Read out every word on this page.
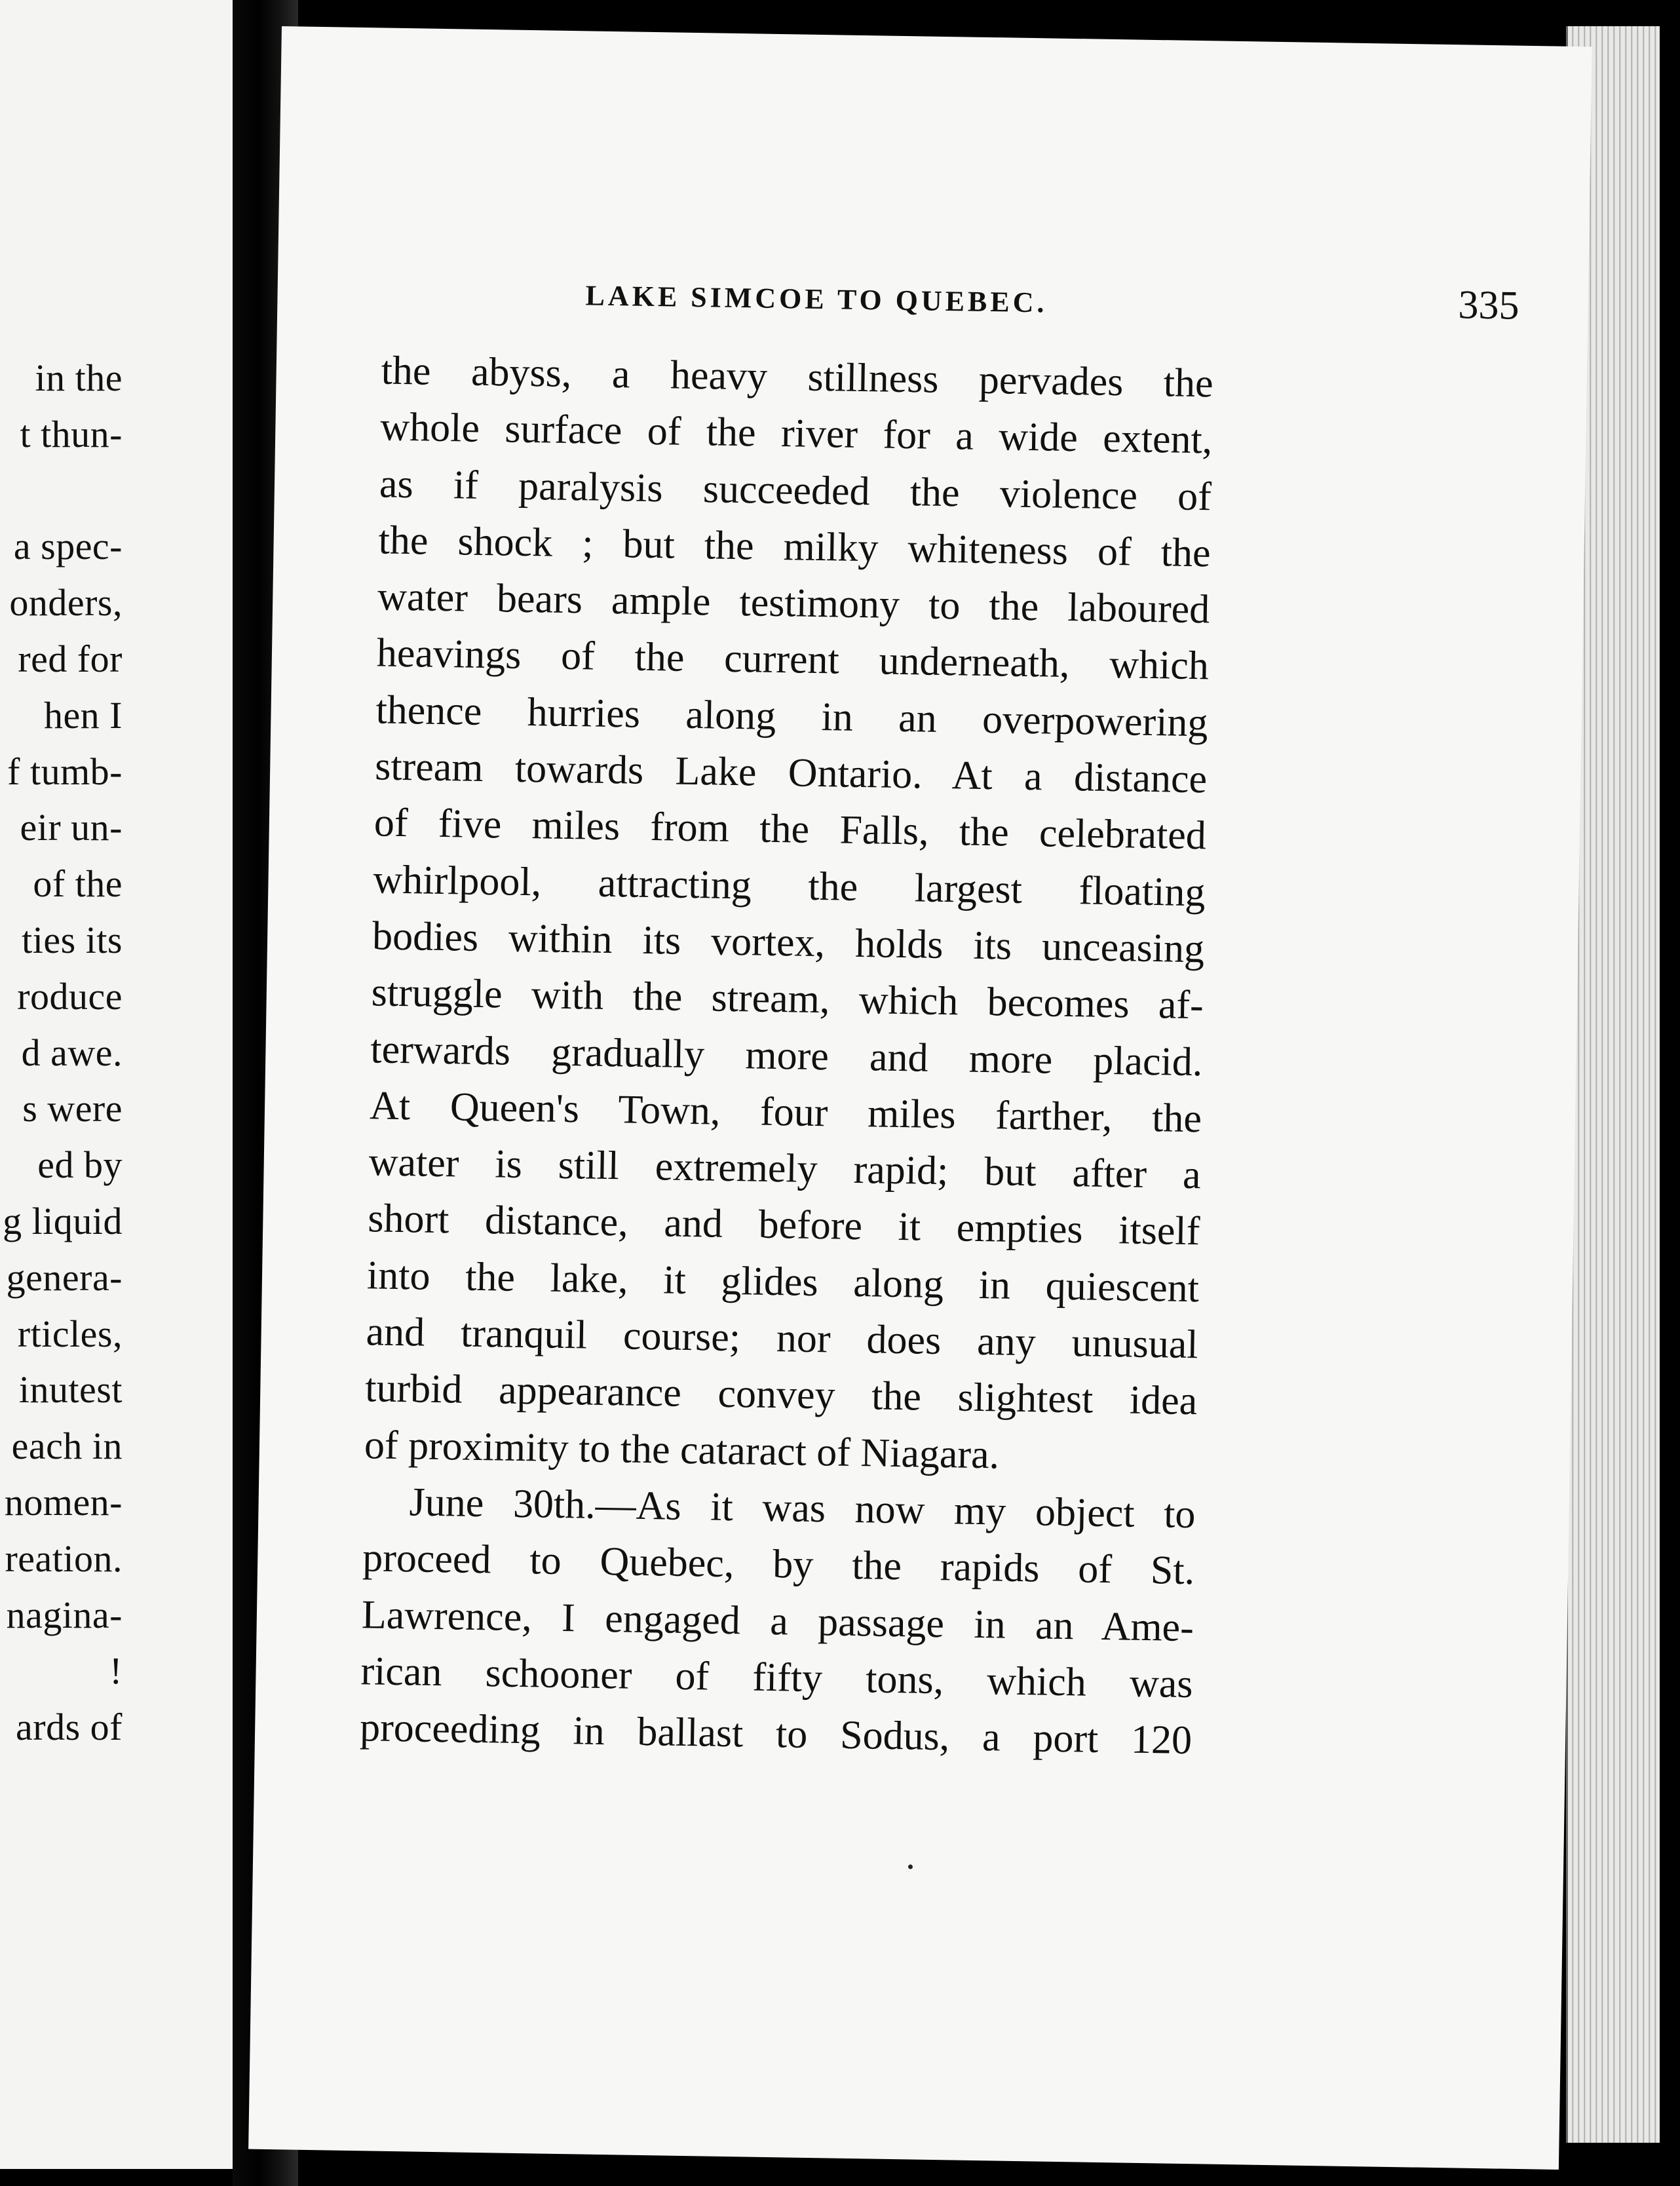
in the
t thun-
a spec-
onders,
red for
hen I
f tumb-
eir un-
of the
ties its
roduce
d awe.
s were
ed by
g liquid
genera-
rticles,
inutest
each in
nomen-
reation.
nagina-
!
ards of
LAKE SIMCOE TO QUEBEC.	335
the abyss, a heavy stillness pervades the
whole surface of the river for a wide extent,
as if paralysis succeeded the violence of
the shock ; but the milky whiteness of the
water bears ample testimony to the laboured
heavings of the current underneath, which
thence hurries along in an overpowering
stream towards Lake Ontario. At a distance
of five miles from the Falls, the celebrated
whirlpool, attracting the largest floating
bodies within its vortex, holds its unceasing
struggle with the stream, which becomes af-
terwards gradually more and more placid.
At Queen's Town, four miles farther, the
water is still extremely rapid; but after a
short distance, and before it empties itself
into the lake, it glides along in quiescent
and tranquil course; nor does any unusual
turbid appearance convey the slightest idea
of proximity to the cataract of Niagara.
June 30th.—As it was now my object to
proceed to Quebec, by the rapids of St.
Lawrence, I engaged a passage in an Ame-
rican schooner of fifty tons, which was
proceeding in ballast to Sodus, a port 120
